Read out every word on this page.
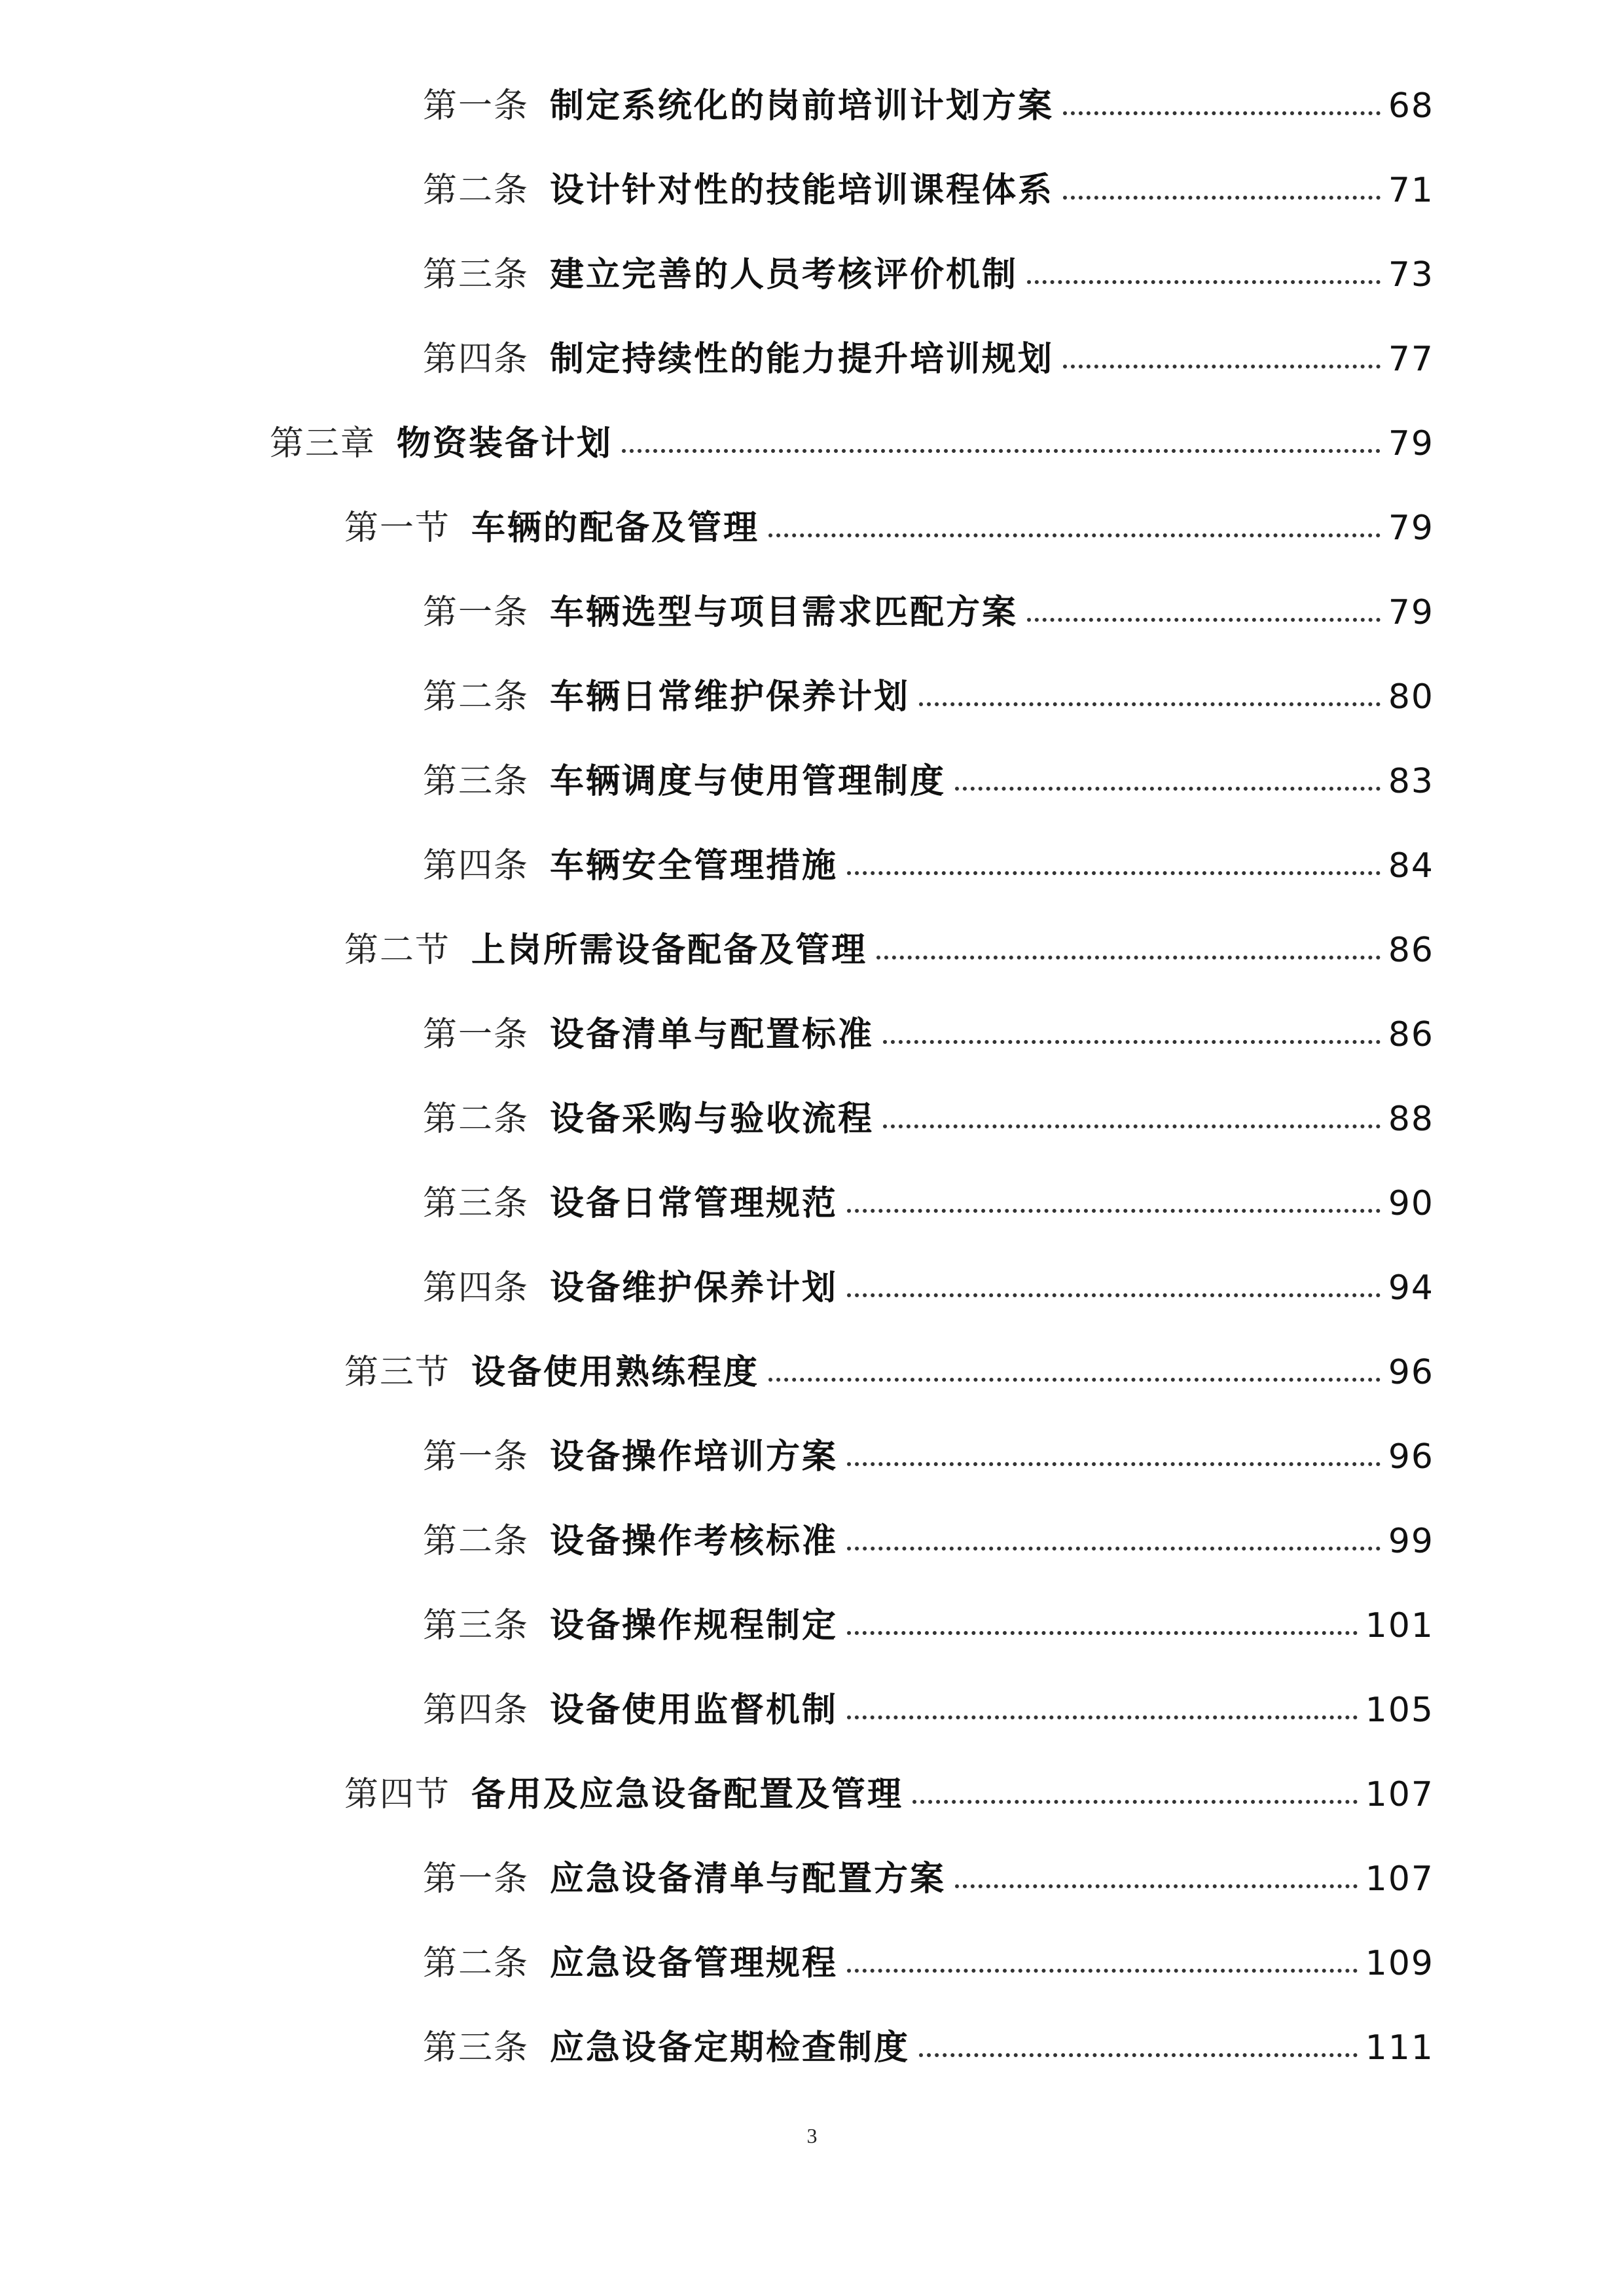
第一条 制定系统化的岗前培训计划方案	68
第二条 设计针对性的技能培训课程体系	71
第三条 建立完善的人员考核评价机制	73
第四条 制定持续性的能力提升培训规划	77
第三章 物资装备计划	79
第一节 车辆的配备及管理	79
第一条 车辆选型与项目需求匹配方案	79
第二条 车辆日常维护保养计划	80
第三条 车辆调度与使用管理制度	83
第四条 车辆安全管理措施	84
第二节 上岗所需设备配备及管理	86
第一条 设备清单与配置标准	86
第二条 设备采购与验收流程	88
第三条 设备日常管理规范	90
第四条 设备维护保养计划	94
第三节 设备使用熟练程度	96
第一条 设备操作培训方案	96
第二条 设备操作考核标准	99
第三条 设备操作规程制定	101
第四条 设备使用监督机制	105
第四节 备用及应急设备配置及管理	107
第一条 应急设备清单与配置方案	107
第二条 应急设备管理规程	109
第三条 应急设备定期检查制度	111
3
